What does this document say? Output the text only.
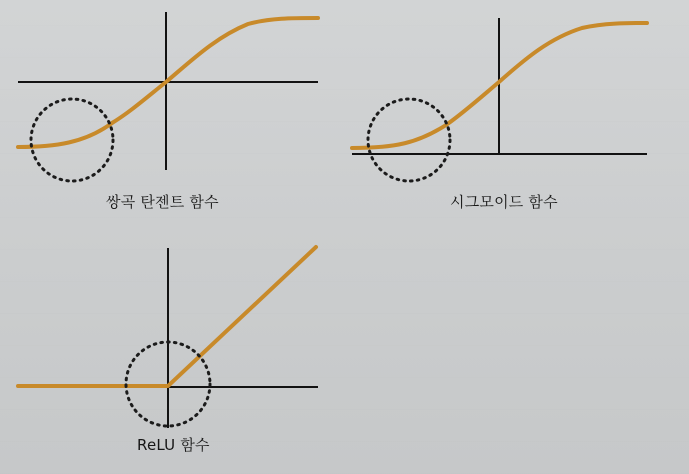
쌍곡 탄젠트 함수	시그모이드 함수
ReLU 함수
